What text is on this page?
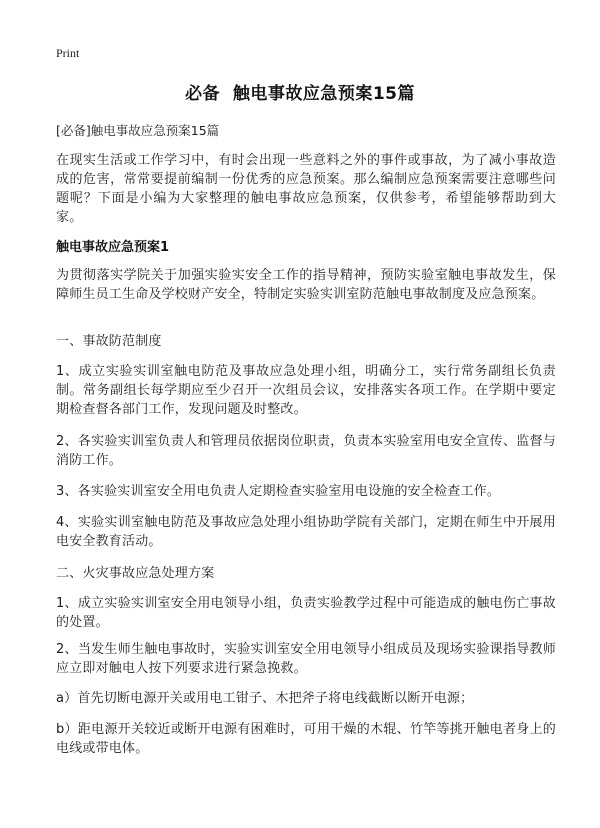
Print
必备  触电事故应急预案15篇
[必备]触电事故应急预案15篇
在现实生活或工作学习中，有时会出现一些意料之外的事件或事故，为了减小事故造成的危害，常常要提前编制一份优秀的应急预案。那么编制应急预案需要注意哪些问题呢？下面是小编为大家整理的触电事故应急预案，仅供参考，希望能够帮助到大家。
触电事故应急预案1
为贯彻落实学院关于加强实验实安全工作的指导精神，预防实验室触电事故发生，保障师生员工生命及学校财产安全，特制定实验实训室防范触电事故制度及应急预案。
一、事故防范制度
1、成立实验实训室触电防范及事故应急处理小组，明确分工，实行常务副组长负责制。常务副组长每学期应至少召开一次组员会议，安排落实各项工作。在学期中要定期检查督各部门工作，发现问题及时整改。
2、各实验实训室负责人和管理员依据岗位职责，负责本实验室用电安全宣传、监督与消防工作。
3、各实验实训室安全用电负责人定期检查实验室用电设施的安全检查工作。
4、实验实训室触电防范及事故应急处理小组协助学院有关部门，定期在师生中开展用电安全教育活动。
二、火灾事故应急处理方案
1、成立实验实训室安全用电领导小组，负责实验教学过程中可能造成的触电伤亡事故的处置。
2、当发生师生触电事故时，实验实训室安全用电领导小组成员及现场实验课指导教师应立即对触电人按下列要求进行紧急挽救。
a）首先切断电源开关或用电工钳子、木把斧子将电线截断以断开电源；
b）距电源开关较近或断开电源有困难时，可用干燥的木辊、竹竿等挑开触电者身上的电线或带电体。
